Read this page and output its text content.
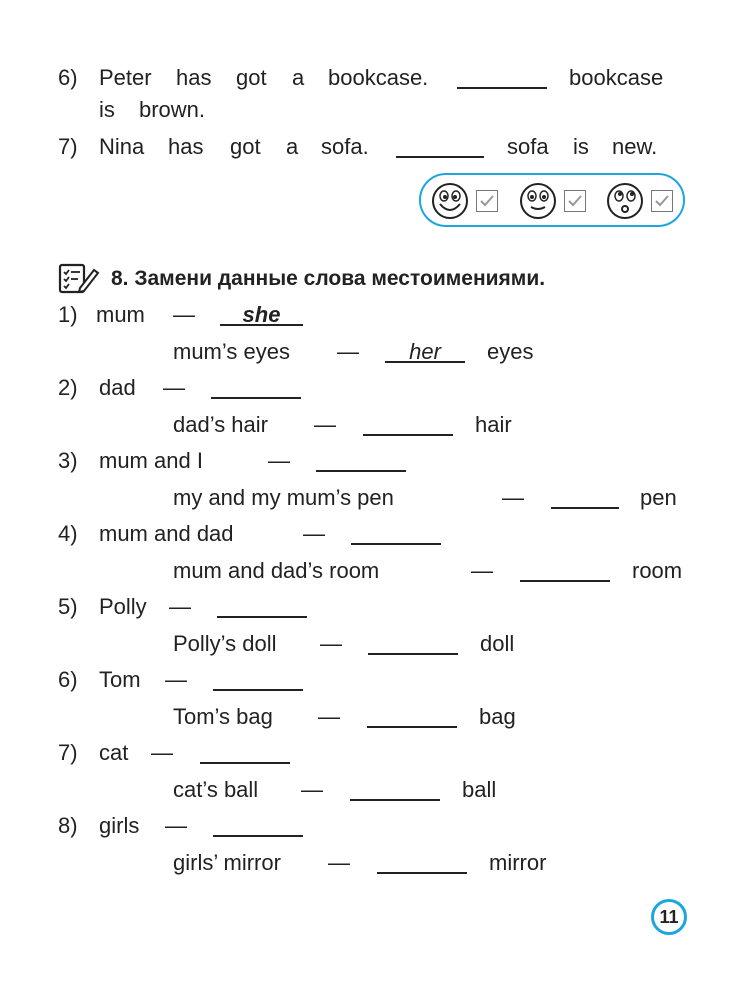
6) Peter has got a bookcase.	bookcase
is brown.
7) Nina has got a sofa.	sofa is new.
8. Замени данные слова местоимениями.
1) mum —	she
mum’s eyes —	her	eyes
2) dad —
dad’s hair —	hair
3) mum and I	—
my and my mum’s pen	—	pen
4) mum and dad	—
mum and dad’s room	—	room
5) Polly —
Polly’s doll —	doll
6) Tom —
Tom’s bag —	bag
7) cat —
cat’s ball —	ball
8) girls —
girls’ mirror —	mirror
11
